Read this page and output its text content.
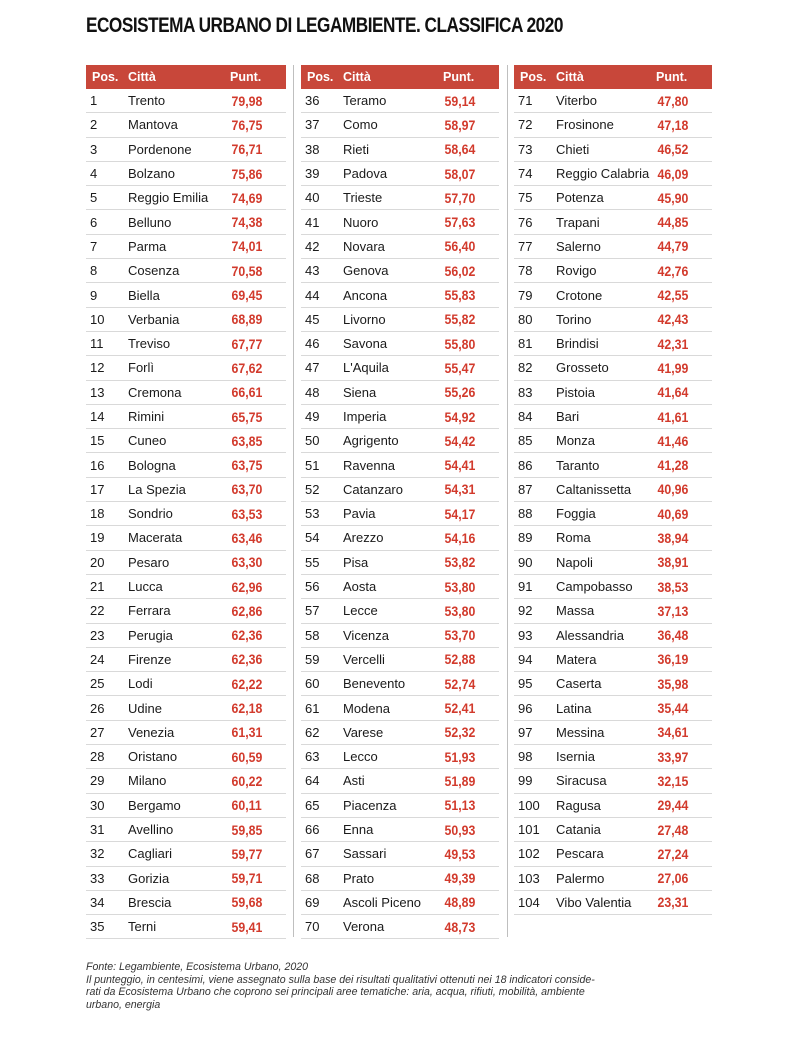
ECOSISTEMA URBANO DI LEGAMBIENTE. CLASSIFICA 2020
Pos. Città	Punt.
1	Trento	79,98
2	Mantova	76,75
3	Pordenone	76,71
4	Bolzano	75,86
5	Reggio Emilia	74,69
6	Belluno	74,38
7	Parma	74,01
8	Cosenza	70,58
9	Biella	69,45
10	Verbania	68,89
11	Treviso	67,77
12	Forlì	67,62
13	Cremona	66,61
14	Rimini	65,75
15	Cuneo	63,85
16	Bologna	63,75
17	La Spezia	63,70
18	Sondrio	63,53
19	Macerata	63,46
20	Pesaro	63,30
21	Lucca	62,96
22	Ferrara	62,86
23	Perugia	62,36
24	Firenze	62,36
25	Lodi	62,22
26	Udine	62,18
27	Venezia	61,31
28	Oristano	60,59
29	Milano	60,22
30	Bergamo	60,11
31	Avellino	59,85
32	Cagliari	59,77
33	Gorizia	59,71
34	Brescia	59,68
35	Terni	59,41
Pos. Città	Punt.
36	Teramo	59,14
37	Como	58,97
38	Rieti	58,64
39	Padova	58,07
40	Trieste	57,70
41	Nuoro	57,63
42	Novara	56,40
43	Genova	56,02
44	Ancona	55,83
45	Livorno	55,82
46	Savona	55,80
47	L'Aquila	55,47
48	Siena	55,26
49	Imperia	54,92
50	Agrigento	54,42
51	Ravenna	54,41
52	Catanzaro	54,31
53	Pavia	54,17
54	Arezzo	54,16
55	Pisa	53,82
56	Aosta	53,80
57	Lecce	53,80
58	Vicenza	53,70
59	Vercelli	52,88
60	Benevento	52,74
61	Modena	52,41
62	Varese	52,32
63	Lecco	51,93
64	Asti	51,89
65	Piacenza	51,13
66	Enna	50,93
67	Sassari	49,53
68	Prato	49,39
69	Ascoli Piceno	48,89
70	Verona	48,73
Pos. Città	Punt.
71	Viterbo	47,80
72	Frosinone	47,18
73	Chieti	46,52
74	Reggio Calabria 46,09
75	Potenza	45,90
76	Trapani	44,85
77	Salerno	44,79
78	Rovigo	42,76
79	Crotone	42,55
80	Torino	42,43
81	Brindisi	42,31
82	Grosseto	41,99
83	Pistoia	41,64
84	Bari	41,61
85	Monza	41,46
86	Taranto	41,28
87	Caltanissetta	40,96
88	Foggia	40,69
89	Roma	38,94
90	Napoli	38,91
91	Campobasso	38,53
92	Massa	37,13
93	Alessandria	36,48
94	Matera	36,19
95	Caserta	35,98
96	Latina	35,44
97	Messina	34,61
98	Isernia	33,97
99	Siracusa	32,15
100	Ragusa	29,44
101	Catania	27,48
102	Pescara	27,24
103	Palermo	27,06
104	Vibo Valentia	23,31
Fonte: Legambiente, Ecosistema Urbano, 2020
Il punteggio, in centesimi, viene assegnato sulla base dei risultati qualitativi ottenuti nei 18 indicatori conside-
rati da Ecosistema Urbano che coprono sei principali aree tematiche: aria, acqua, rifiuti, mobilità, ambiente
urbano, energia
